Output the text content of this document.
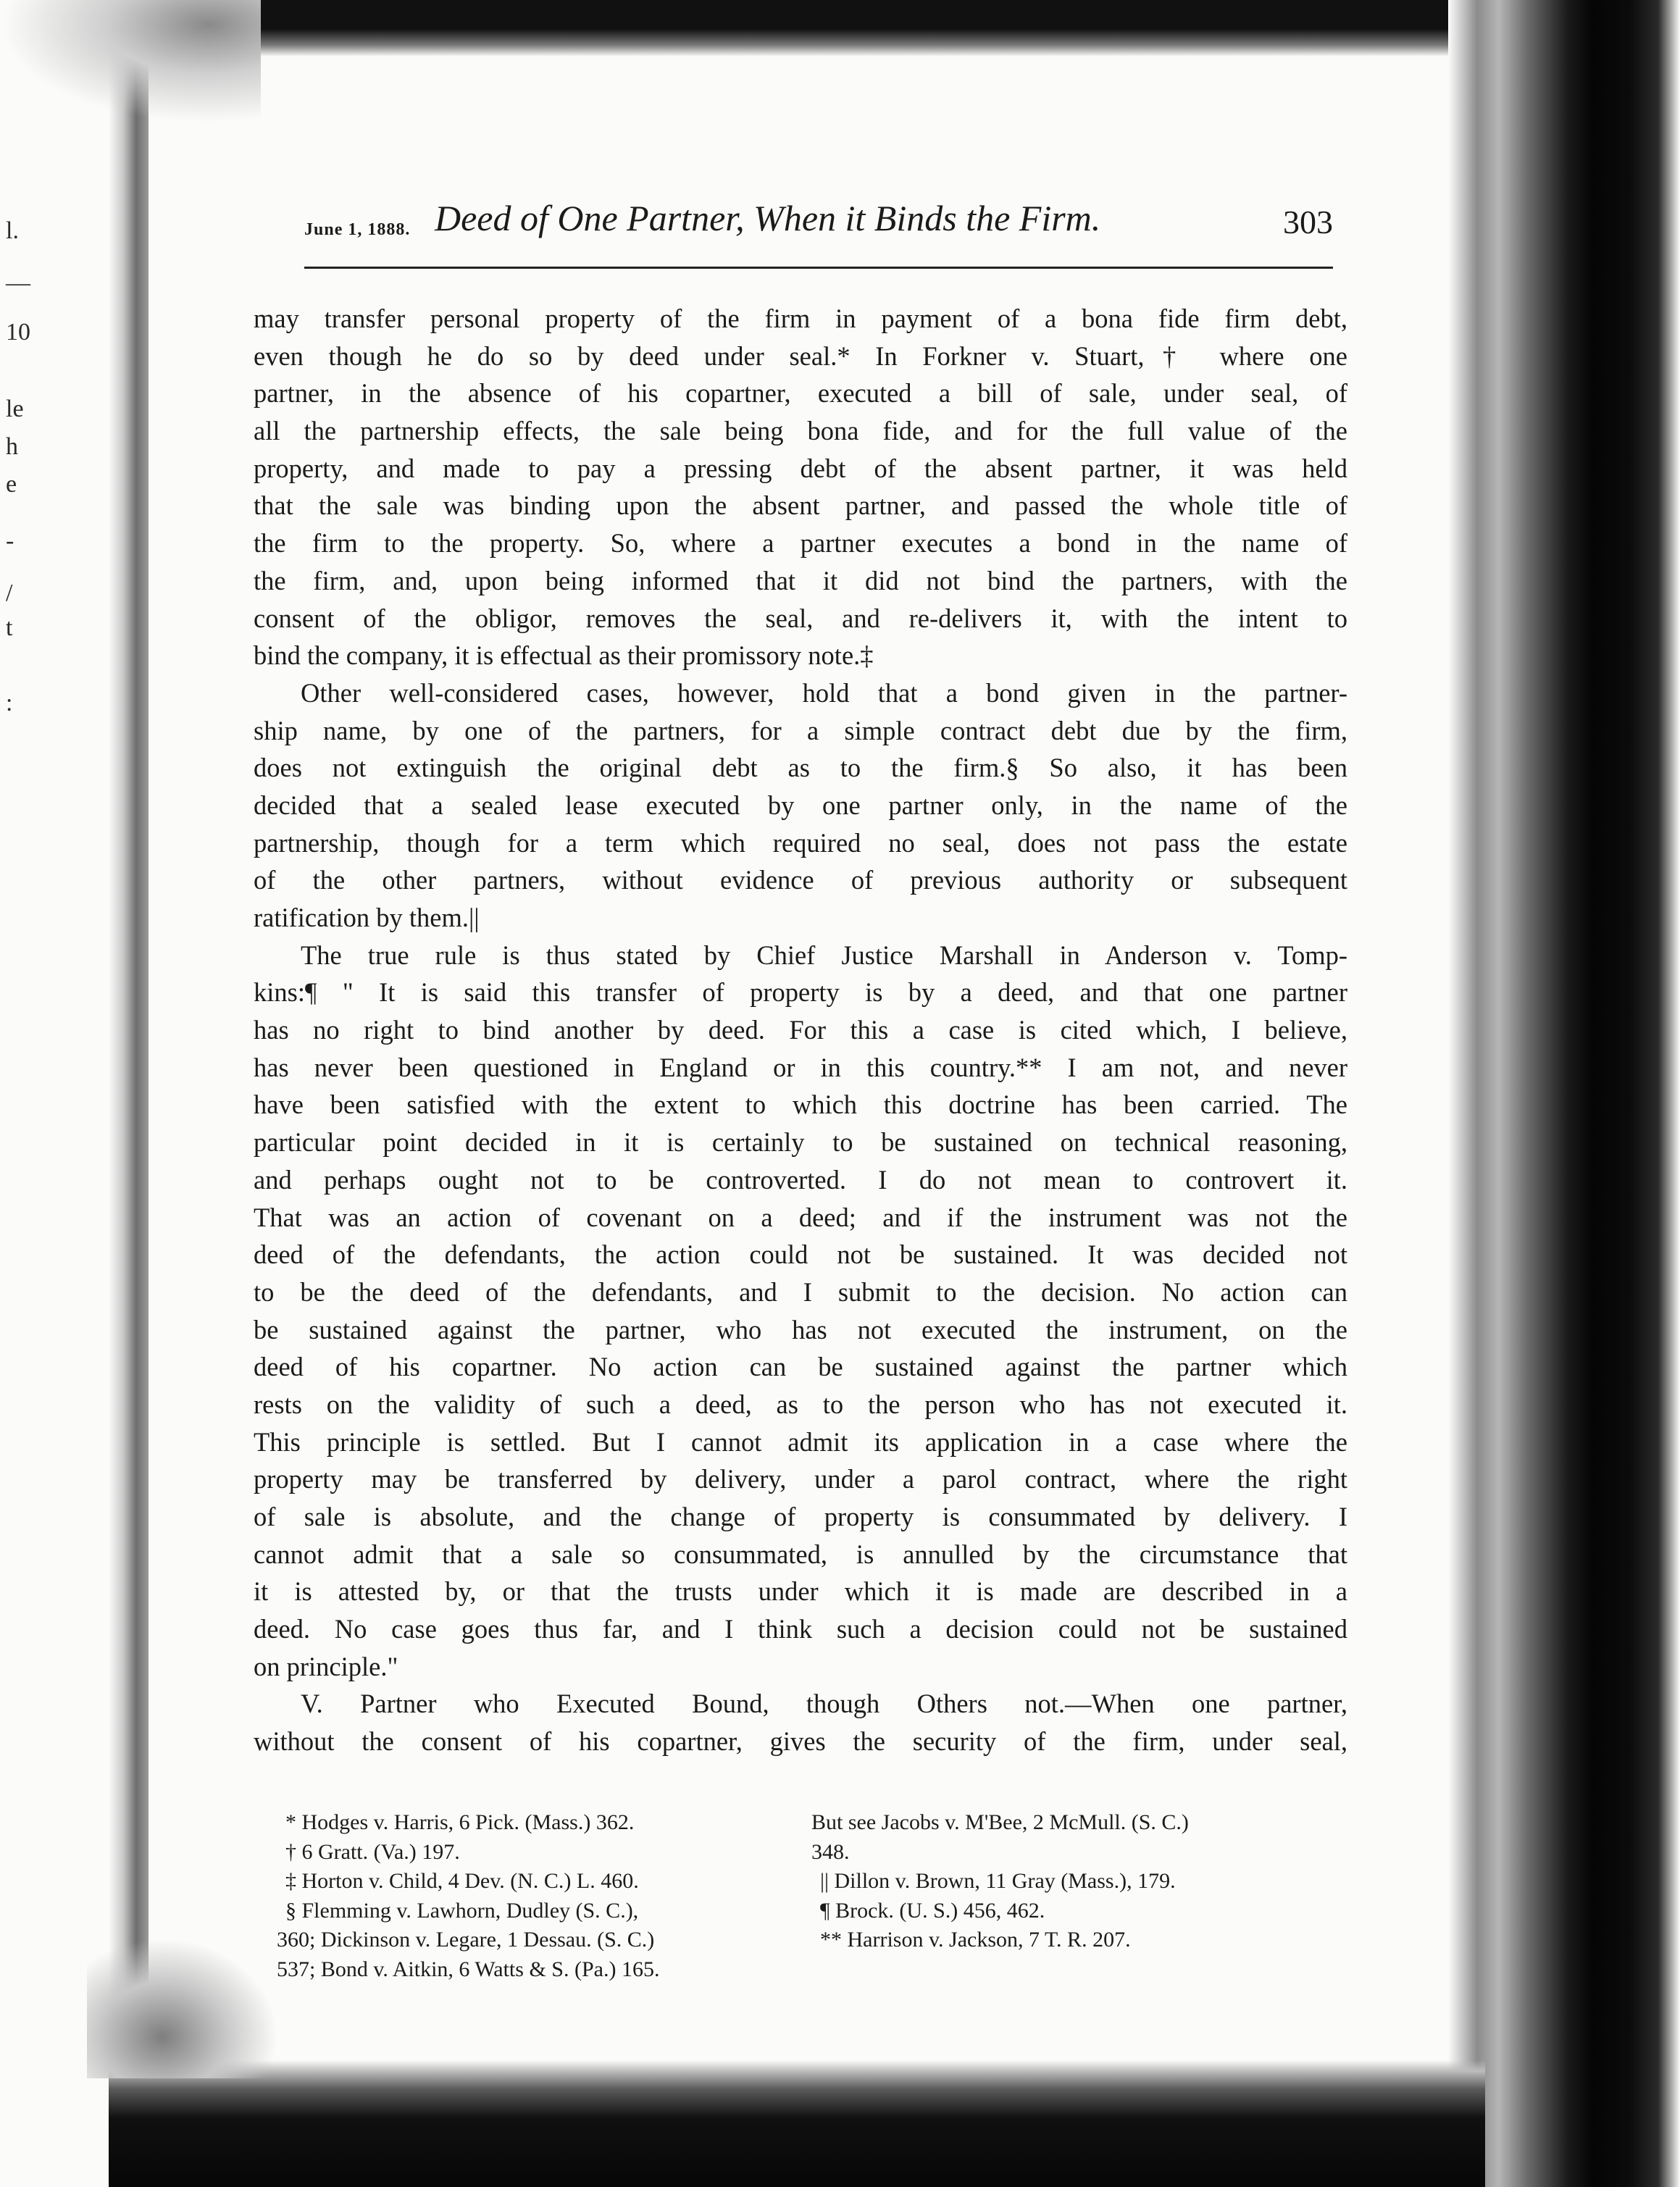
l.
—
10
le
h
e
-
/
t
:
June 1, 1888. Deed of One Partner, When it Binds the Firm.	303
may transfer personal property of the firm in payment of a bona fide firm debt,
even though he do so by deed under seal.* In Forkner v. Stuart,† where one
partner, in the absence of his copartner, executed a bill of sale, under seal, of
all the partnership effects, the sale being bona fide, and for the full value of the
property, and made to pay a pressing debt of the absent partner, it was held
that the sale was binding upon the absent partner, and passed the whole title of
the firm to the property. So, where a partner executes a bond in the name of
the firm, and, upon being informed that it did not bind the partners, with the
consent of the obligor, removes the seal, and re-delivers it, with the intent to
bind the company, it is effectual as their promissory note.‡
Other well-considered cases, however, hold that a bond given in the partner-
ship name, by one of the partners, for a simple contract debt due by the firm,
does not extinguish the original debt as to the firm.§ So also, it has been
decided that a sealed lease executed by one partner only, in the name of the
partnership, though for a term which required no seal, does not pass the estate
of the other partners, without evidence of previous authority or subsequent
ratification by them.||
The true rule is thus stated by Chief Justice Marshall in Anderson v. Tomp-
kins:¶ " It is said this transfer of property is by a deed, and that one partner
has no right to bind another by deed. For this a case is cited which, I believe,
has never been questioned in England or in this country.** I am not, and never
have been satisfied with the extent to which this doctrine has been carried. The
particular point decided in it is certainly to be sustained on technical reasoning,
and perhaps ought not to be controverted. I do not mean to controvert it.
That was an action of covenant on a deed; and if the instrument was not the
deed of the defendants, the action could not be sustained. It was decided not
to be the deed of the defendants, and I submit to the decision. No action can
be sustained against the partner, who has not executed the instrument, on the
deed of his copartner. No action can be sustained against the partner which
rests on the validity of such a deed, as to the person who has not executed it.
This principle is settled. But I cannot admit its application in a case where the
property may be transferred by delivery, under a parol contract, where the right
of sale is absolute, and the change of property is consummated by delivery. I
cannot admit that a sale so consummated, is annulled by the circumstance that
it is attested by, or that the trusts under which it is made are described in a
deed. No case goes thus far, and I think such a decision could not be sustained
on principle."
V. Partner who Executed Bound, though Others not.—When one partner,
without the consent of his copartner, gives the security of the firm, under seal,
* Hodges v. Harris, 6 Pick. (Mass.) 362.
† 6 Gratt. (Va.) 197.
‡ Horton v. Child, 4 Dev. (N. C.) L. 460.
§ Flemming v. Lawhorn, Dudley (S. C.),
360; Dickinson v. Legare, 1 Dessau. (S. C.)
537; Bond v. Aitkin, 6 Watts & S. (Pa.) 165.
But see Jacobs v. M'Bee, 2 McMull. (S. C.)
348.
|| Dillon v. Brown, 11 Gray (Mass.), 179.
¶ Brock. (U. S.) 456, 462.
** Harrison v. Jackson, 7 T. R. 207.
